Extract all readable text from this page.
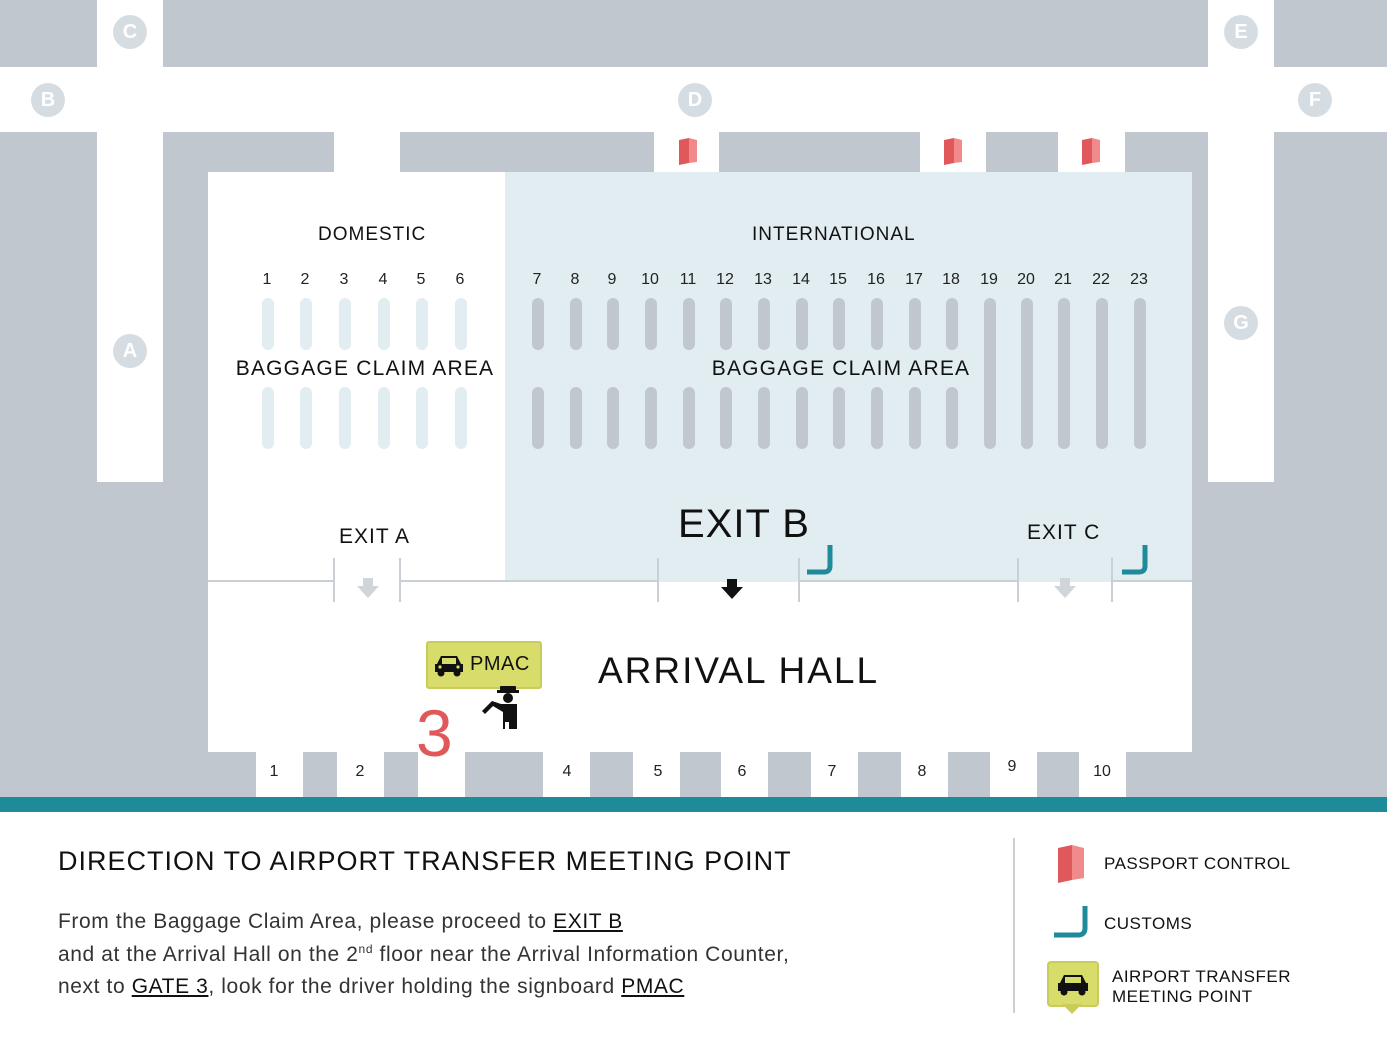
1	2	4	5	6	7	8	9	10
A
B
C
D
E
F
G
DOMESTIC	INTERNATIONAL
1	2	3	4	5	6	7	8	9	10	11	12	13	14	15	16	17	18	19	20	21	22	23
BAGGAGE CLAIM AREA	BAGGAGE CLAIM AREA
EXIT A	EXIT B	EXIT C
ARRIVAL HALL
PMAC
3
DIRECTION TO AIRPORT TRANSFER MEETING POINT
From the Baggage Claim Area, please proceed to EXIT B
and at the Arrival Hall on the 2nd floor near the Arrival Information Counter,
next to GATE 3, look for the driver holding the signboard PMAC
PASSPORT CONTROL
CUSTOMS
AIRPORT TRANSFER
MEETING POINT
